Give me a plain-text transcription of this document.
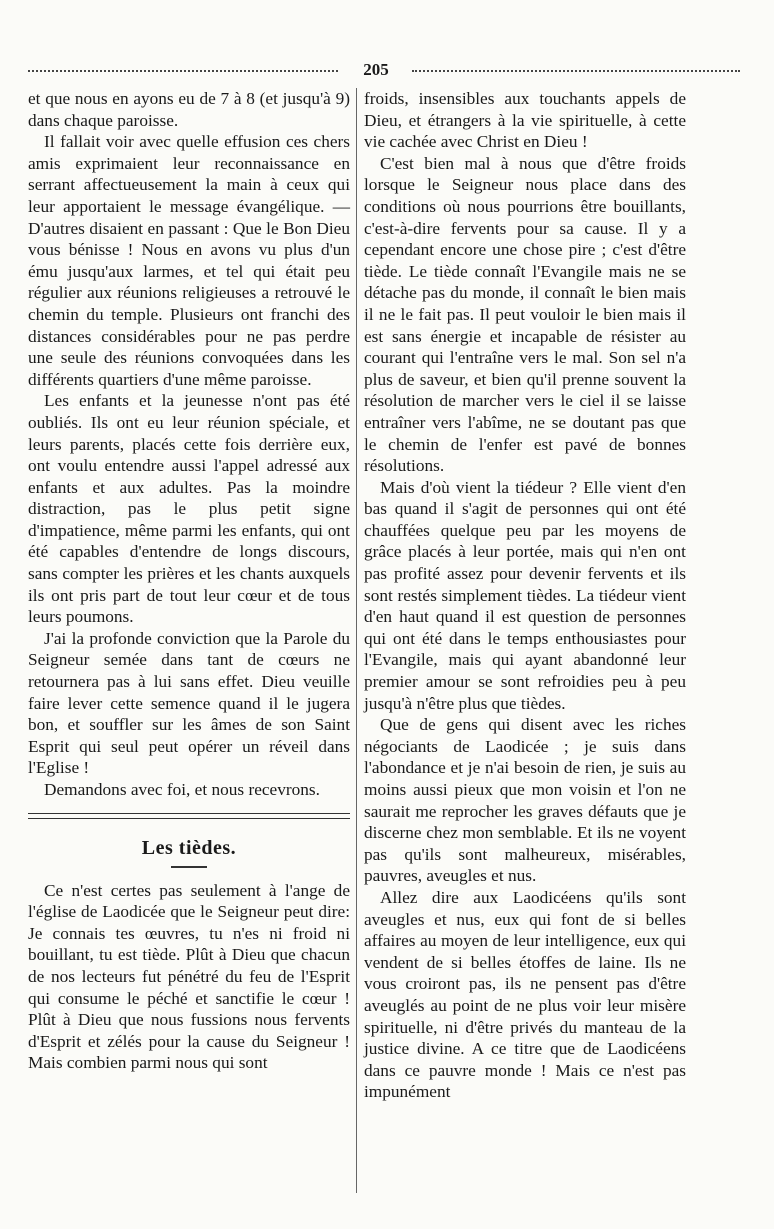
205

et que nous en ayons eu de 7 à 8 (et jusqu'à 9) dans chaque paroisse.

Il fallait voir avec quelle effusion ces chers amis exprimaient leur reconnaissance en serrant affectueusement la main à ceux qui leur apportaient le message évangélique. — D'autres disaient en passant : Que le Bon Dieu vous bénisse ! Nous en avons vu plus d'un ému jusqu'aux larmes, et tel qui était peu régulier aux réunions religieuses a retrouvé le chemin du temple. Plusieurs ont franchi des distances considérables pour ne pas perdre une seule des réunions convoquées dans les différents quartiers d'une même paroisse.

Les enfants et la jeunesse n'ont pas été oubliés. Ils ont eu leur réunion spéciale, et leurs parents, placés cette fois derrière eux, ont voulu entendre aussi l'appel adressé aux enfants et aux adultes. Pas la moindre distraction, pas le plus petit signe d'impatience, même parmi les enfants, qui ont été capables d'entendre de longs discours, sans compter les prières et les chants auxquels ils ont pris part de tout leur cœur et de tous leurs poumons.

J'ai la profonde conviction que la Parole du Seigneur semée dans tant de cœurs ne retournera pas à lui sans effet. Dieu veuille faire lever cette semence quand il le jugera bon, et souffler sur les âmes de son Saint Esprit qui seul peut opérer un réveil dans l'Eglise !

Demandons avec foi, et nous recevrons.

Les tièdes.

Ce n'est certes pas seulement à l'ange de l'église de Laodicée que le Seigneur peut dire: Je connais tes œuvres, tu n'es ni froid ni bouillant, tu est tiède. Plût à Dieu que chacun de nos lecteurs fut pénétré du feu de l'Esprit qui consume le péché et sanctifie le cœur ! Plût à Dieu que nous fussions nous fervents d'Esprit et zélés pour la cause du Seigneur ! Mais combien parmi nous qui sont

froids, insensibles aux touchants appels de Dieu, et étrangers à la vie spirituelle, à cette vie cachée avec Christ en Dieu !

C'est bien mal à nous que d'être froids lorsque le Seigneur nous place dans des conditions où nous pourrions être bouillants, c'est-à-dire fervents pour sa cause. Il y a cependant encore une chose pire ; c'est d'être tiède. Le tiède connaît l'Evangile mais ne se détache pas du monde, il connaît le bien mais il ne le fait pas. Il peut vouloir le bien mais il est sans énergie et incapable de résister au courant qui l'entraîne vers le mal. Son sel n'a plus de saveur, et bien qu'il prenne souvent la résolution de marcher vers le ciel il se laisse entraîner vers l'abîme, ne se doutant pas que le chemin de l'enfer est pavé de bonnes résolutions.

Mais d'où vient la tiédeur ? Elle vient d'en bas quand il s'agit de personnes qui ont été chauffées quelque peu par les moyens de grâce placés à leur portée, mais qui n'en ont pas profité assez pour devenir fervents et ils sont restés simplement tièdes. La tiédeur vient d'en haut quand il est question de personnes qui ont été dans le temps enthousiastes pour l'Evangile, mais qui ayant abandonné leur premier amour se sont refroidies peu à peu jusqu'à n'être plus que tièdes.

Que de gens qui disent avec les riches négociants de Laodicée ; je suis dans l'abondance et je n'ai besoin de rien, je suis au moins aussi pieux que mon voisin et l'on ne saurait me reprocher les graves défauts que je discerne chez mon semblable. Et ils ne voyent pas qu'ils sont malheureux, misérables, pauvres, aveugles et nus.

Allez dire aux Laodicéens qu'ils sont aveugles et nus, eux qui font de si belles affaires au moyen de leur intelligence, eux qui vendent de si belles étoffes de laine. Ils ne vous croiront pas, ils ne pensent pas d'être aveuglés au point de ne plus voir leur misère spirituelle, ni d'être privés du manteau de la justice divine. A ce titre que de Laodicéens dans ce pauvre monde ! Mais ce n'est pas impunément
